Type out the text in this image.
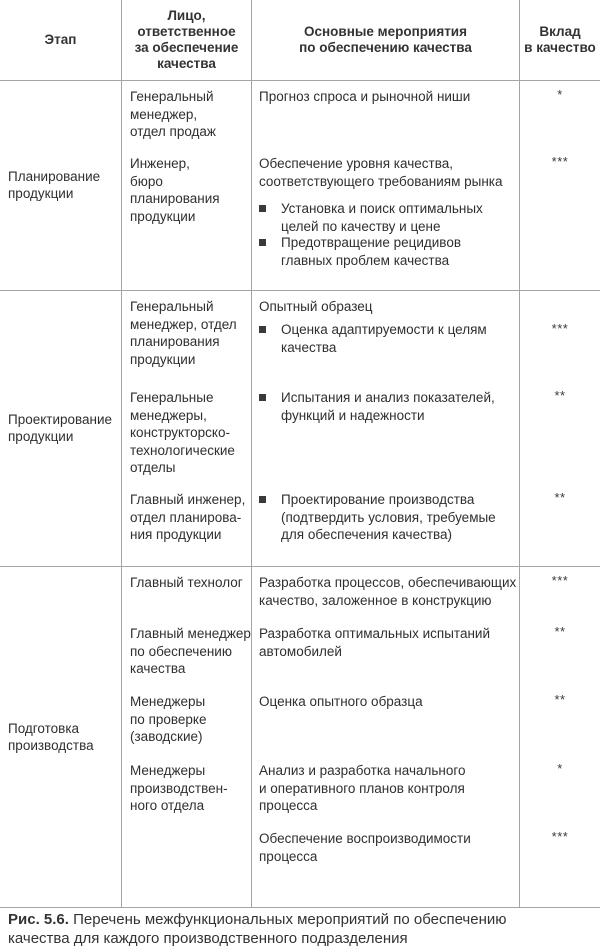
Этап
Лицо,
ответственное
за обеспечение
качества
Основные мероприятия
по обеспечению качества
Вклад
в качество
Планирование
продукции
Генеральный
менеджер,
отдел продаж
Прогноз спроса и рыночной ниши	*
Инженер,
бюро
планирования
продукции
Обеспечение уровня качества,
соответствующего требованиям рынка
Установка и поиск оптимальных
целей по качеству и цене
Предотвращение рецидивов
главных проблем качества
***
Проектирование
продукции
Генеральный
менеджер, отдел
планирования
продукции
Опытный образец
Оценка адаптируемости к целям
качества
***
Генеральные
менеджеры,
конструкторско-
технологические
отделы
Испытания и анализ показателей,
функций и надежности
**
Главный инженер,
отдел планирова-
ния продукции
Проектирование производства
(подтвердить условия, требуемые
для обеспечения качества)
**
Подготовка
производства
Главный технолог Разработка процессов, обеспечивающих
качество, заложенное в конструкцию
***
Главный менеджер
по обеспечению
качества
Разработка оптимальных испытаний
автомобилей
**
Менеджеры
по проверке
(заводские)
Оценка опытного образца	**
Менеджеры
производствен-
ного отдела
Анализ и разработка начального
и оперативного планов контроля
процесса
*
Обеспечение воспроизводимости
процесса
***
Рис. 5.6. Перечень межфункциональных мероприятий по обеспечению
качества для каждого производственного подразделения
